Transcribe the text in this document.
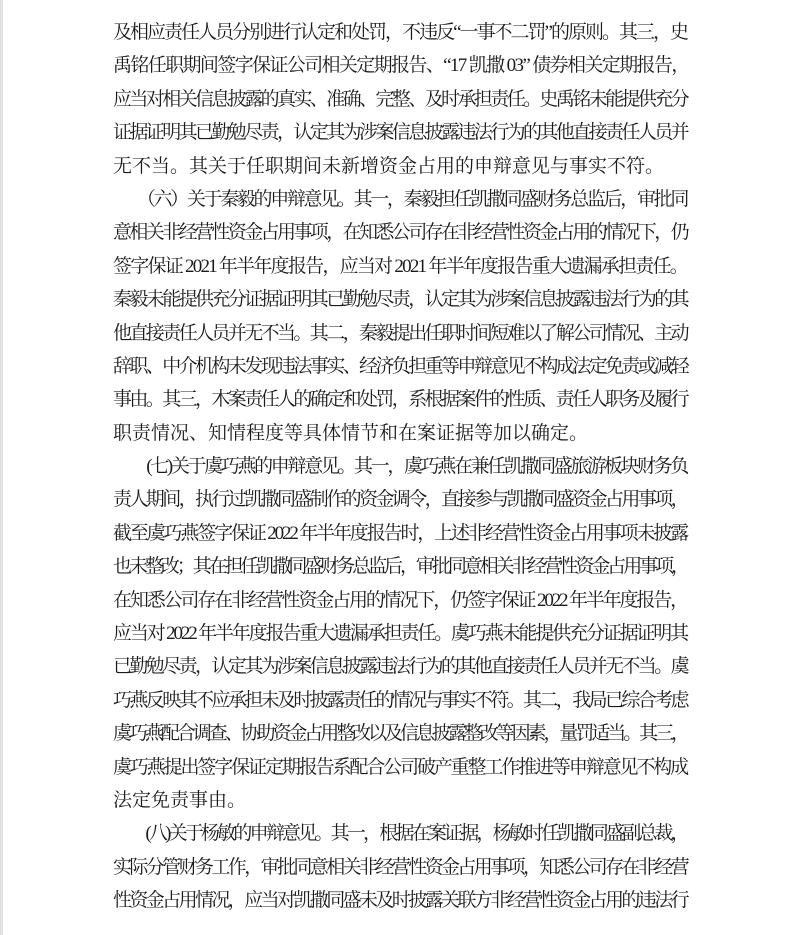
及相应责任人员分别进行认定和处罚，不违反“一事不二罚”的原则。其三，史
禹铭任职期间签字保证公司相关定期报告、“17 凯撒 03” 债券相关定期报告，
应当对相关信息披露的真实、准确、完整、及时承担责任。史禹铭未能提供充分
证据证明其已勤勉尽责，认定其为涉案信息披露违法行为的其他直接责任人员并
无不当。其关于任职期间未新增资金占用的申辩意见与事实不符。
　　（六）关于秦毅的申辩意见。其一，秦毅担任凯撒同盛财务总监后，审批同
意相关非经营性资金占用事项，在知悉公司存在非经营性资金占用的情况下，仍
签字保证 2021 年半年度报告，应当对 2021 年半年度报告重大遗漏承担责任。
秦毅未能提供充分证据证明其已勤勉尽责，认定其为涉案信息披露违法行为的其
他直接责任人员并无不当。其二，秦毅提出任职时间短难以了解公司情况、主动
辞职、中介机构未发现违法事实、经济负担重等申辩意见不构成法定免责或减轻
事由。其三，木案责任人的确定和处罚，系根据案件的性质、责任人职务及履行
职责情况、知情程度等具体情节和在案证据等加以确定。
　　(七)关于虞巧燕的申辩意见。其一，虞巧燕在兼任凯撒同盛旅游板块财务负
责人期间，执行过凯撒同盛制作的资金调令，直接参与凯撒同盛资金占用事项，
截至虞巧燕签字保证 2022 年半年度报告时，上述非经营性资金占用事项未披露
也未整改；其在担任凯撒同盛财务总监后，审批同意相关非经营性资金占用事项，
在知悉公司存在非经营性资金占用的情况下，仍签字保证 2022 年半年度报告，
应当对 2022 年半年度报告重大遗漏承担责任。虞巧燕未能提供充分证据证明其
已勤勉尽责，认定其为涉案信息披露违法行为的其他直接责任人员并无不当。虞
巧燕反映其不应承担未及时披露责任的情况与事实不符。其二，我局已综合考虑
虞巧燕配合调查、协助资金占用整改以及信息披露整改等因素，量罚适当。其三，
虞巧燕提出签字保证定期报告系配合公司破产重整工作推进等申辩意见不构成
法定免责事由。
　　(八)关于杨敏的申辩意见。其一，根据在案证据，杨敏时任凯撒同盛副总裁，
实际分管财务工作，审批同意相关非经营性资金占用事项，知悉公司存在非经营
性资金占用情况，应当对凯撒同盛未及时披露关联方非经营性资金占用的违法行
